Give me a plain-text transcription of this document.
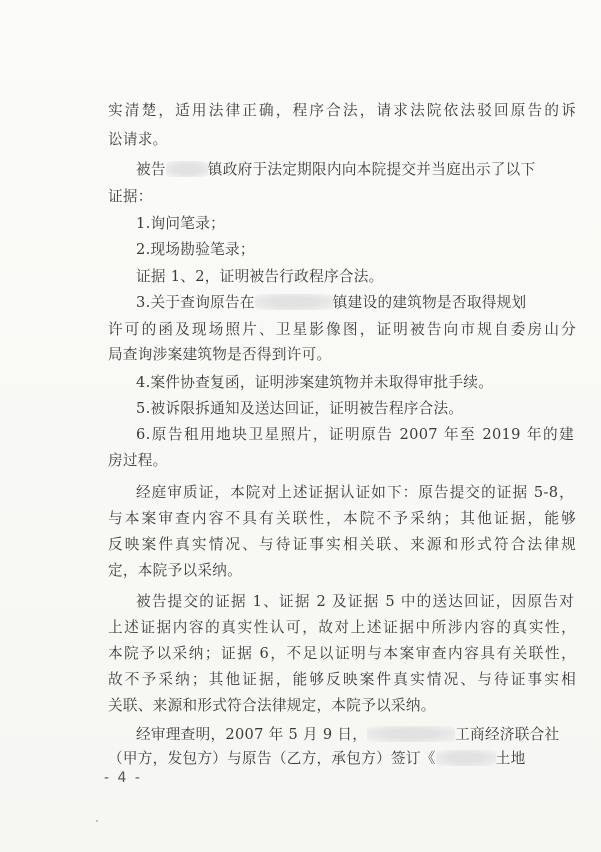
实清楚，适用法律正确，程序合法，请求法院依法驳回原告的诉
讼请求。
被告	镇政府于法定期限内向本院提交并当庭出示了以下
证据：
1.询问笔录；
2.现场勘验笔录；
证据 1、2，证明被告行政程序合法。
3.关于查询原告在	镇建设的建筑物是否取得规划
许可的函及现场照片、卫星影像图，证明被告向市规自委房山分
局查询涉案建筑物是否得到许可。
4.案件协查复函，证明涉案建筑物并未取得审批手续。
5.被诉限拆通知及送达回证，证明被告程序合法。
6.原告租用地块卫星照片，证明原告 2007 年至 2019 年的建
房过程。
经庭审质证，本院对上述证据认证如下：原告提交的证据 5-8，
与本案审查内容不具有关联性，本院不予采纳；其他证据，能够
反映案件真实情况、与待证事实相关联、来源和形式符合法律规
定，本院予以采纳。
被告提交的证据 1、证据 2 及证据 5 中的送达回证，因原告对
上述证据内容的真实性认可，故对上述证据中所涉内容的真实性，
本院予以采纳；证据 6，不足以证明与本案审查内容具有关联性，
故不予采纳；其他证据，能够反映案件真实情况、与待证事实相
关联、来源和形式符合法律规定，本院予以采纳。
经审理查明，2007 年 5 月 9 日，	工商经济联合社
（甲方，发包方）与原告（乙方，承包方）签订《	土地
- 4 -
